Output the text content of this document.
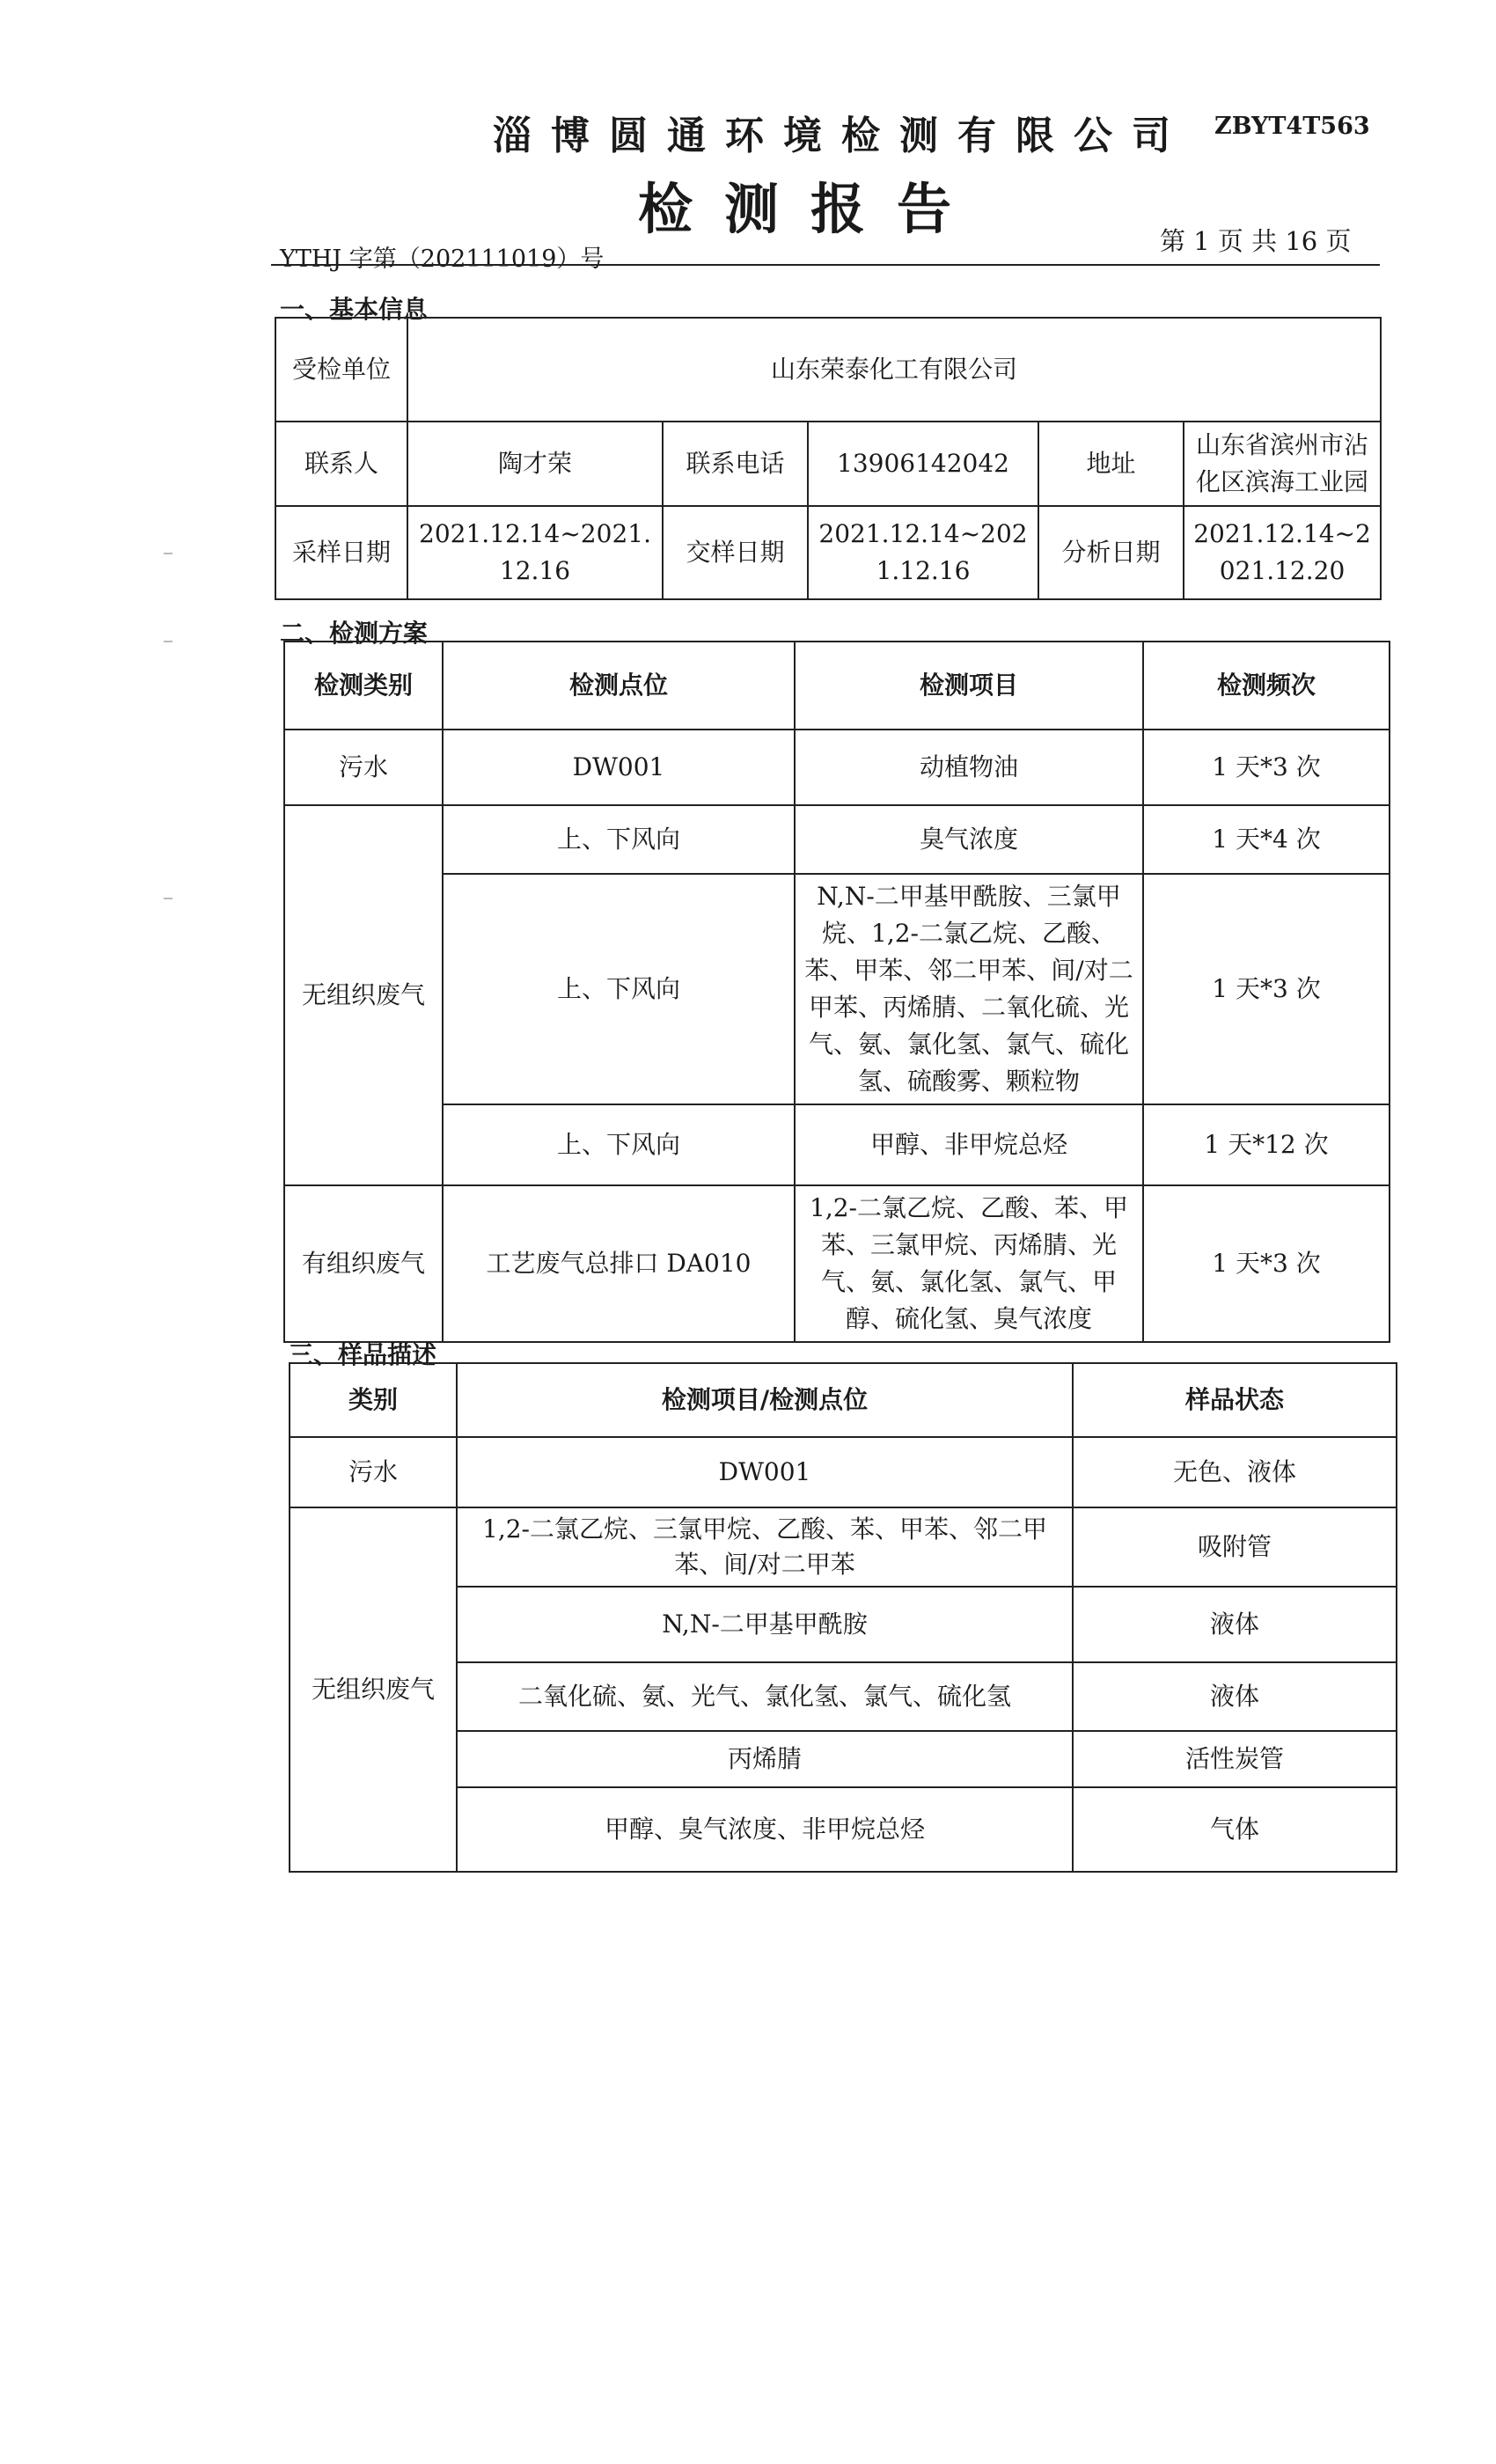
淄博圆通环境检测有限公司 ZBYT4T563
检测报告
YTHJ 字第（202111019）号
第 1 页 共 16 页
一、基本信息
受检单位	山东荣泰化工有限公司				
联系人	陶才荣	联系电话	13906142042	地址	山东省滨州市沾化区滨海工业园
采样日期	2021.12.14~2021.12.16	交样日期	2021.12.14~2021.12.16	分析日期	2021.12.14~2021.12.20
二、检测方案
检测类别	检测点位	检测项目	检测频次
污水	DW001	动植物油	1 天*3 次
无组织废气	上、下风向	臭气浓度	1 天*4 次
	上、下风向	N,N-二甲基甲酰胺、三氯甲烷、1,2-二氯乙烷、乙酸、苯、甲苯、邻二甲苯、间/对二甲苯、丙烯腈、二氧化硫、光气、氨、氯化氢、氯气、硫化氢、硫酸雾、颗粒物	1 天*3 次
	上、下风向	甲醇、非甲烷总烃	1 天*12 次
有组织废气	工艺废气总排口 DA010	1,2-二氯乙烷、乙酸、苯、甲苯、三氯甲烷、丙烯腈、光气、氨、氯化氢、氯气、甲醇、硫化氢、臭气浓度	1 天*3 次
三、样品描述
类别	检测项目/检测点位	样品状态
污水	DW001	无色、液体
无组织废气	1,2-二氯乙烷、三氯甲烷、乙酸、苯、甲苯、邻二甲苯、间/对二甲苯	吸附管
	N,N-二甲基甲酰胺	液体
	二氧化硫、氨、光气、氯化氢、氯气、硫化氢	液体
	丙烯腈	活性炭管
	甲醇、臭气浓度、非甲烷总烃	气体
